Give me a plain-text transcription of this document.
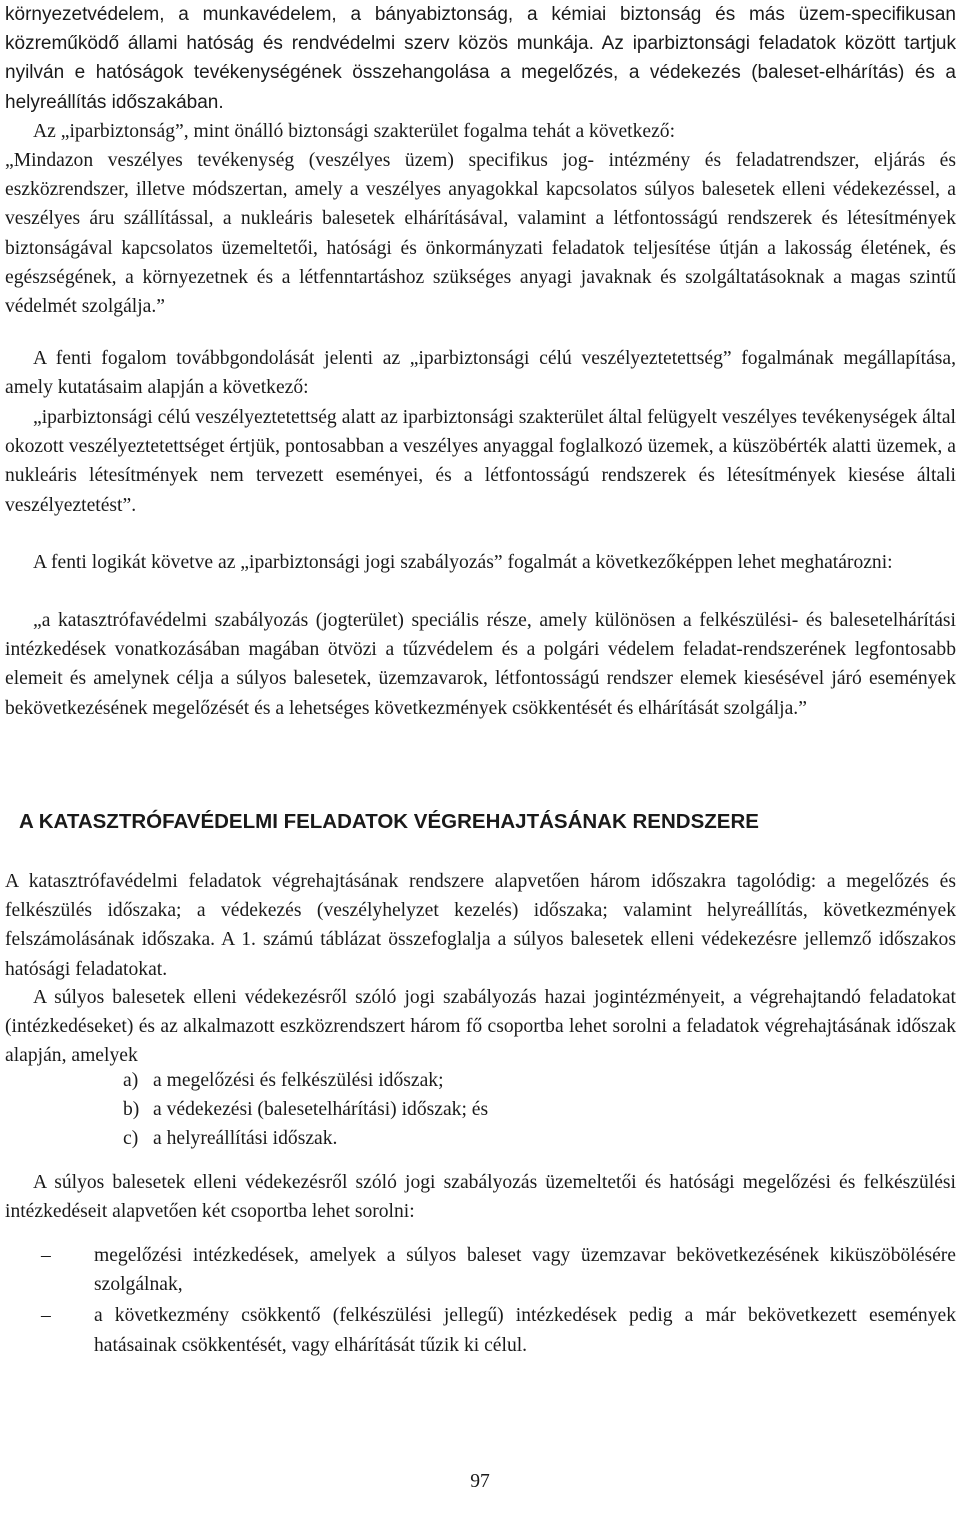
környezetvédelem, a munkavédelem, a bányabiztonság, a kémiai biztonság és más üzem-specifikusan közreműködő állami hatóság és rendvédelmi szerv közös munkája. Az iparbiztonsági feladatok között tartjuk nyilván e hatóságok tevékenységének összehangolása a megelőzés, a védekezés (baleset-elhárítás) és a helyreállítás időszakában.
Az „iparbiztonság”, mint önálló biztonsági szakterület fogalma tehát a következő:
„Mindazon veszélyes tevékenység (veszélyes üzem) specifikus jog- intézmény és feladatrendszer, eljárás és eszközrendszer, illetve módszertan, amely a veszélyes anyagokkal kapcsolatos súlyos balesetek elleni védekezéssel, a veszélyes áru szállítással, a nukleáris balesetek elhárításával, valamint a létfontosságú rendszerek és létesítmények biztonságával kapcsolatos üzemeltetői, hatósági és önkormányzati feladatok teljesítése útján a lakosság életének, és egészségének, a környezetnek és a létfenntartáshoz szükséges anyagi javaknak és szolgáltatásoknak a magas szintű védelmét szolgálja.”
A fenti fogalom továbbgondolását jelenti az „iparbiztonsági célú veszélyeztetettség” fogalmának megállapítása, amely kutatásaim alapján a következő:
„iparbiztonsági célú veszélyeztetettség alatt az iparbiztonsági szakterület által felügyelt veszélyes tevékenységek által okozott veszélyeztetettséget értjük, pontosabban a veszélyes anyaggal foglalkozó üzemek, a küszöbérték alatti üzemek, a nukleáris létesítmények nem tervezett eseményei, és a létfontosságú rendszerek és létesítmények kiesése általi veszélyeztetést”.
A fenti logikát követve az „iparbiztonsági jogi szabályozás” fogalmát a következőképpen lehet meghatározni:
„a katasztrófavédelmi szabályozás (jogterület) speciális része, amely különösen a felkészülési- és balesetelhárítási intézkedések vonatkozásában magában ötvözi a tűzvédelem és a polgári védelem feladat-rendszerének legfontosabb elemeit és amelynek célja a súlyos balesetek, üzemzavarok, létfontosságú rendszer elemek kiesésével járó események bekövetkezésének megelőzését és a lehetséges következmények csökkentését és elhárítását szolgálja.”
A KATASZTRÓFAVÉDELMI FELADATOK VÉGREHAJTÁSÁNAK RENDSZERE
A katasztrófavédelmi feladatok végrehajtásának rendszere alapvetően három időszakra tagolódig: a megelőzés és felkészülés időszaka; a védekezés (veszélyhelyzet kezelés) időszaka; valamint helyreállítás, következmények felszámolásának időszaka. A 1. számú táblázat összefoglalja a súlyos balesetek elleni védekezésre jellemző időszakos hatósági feladatokat.
A súlyos balesetek elleni védekezésről szóló jogi szabályozás hazai jogintézményeit, a végrehajtandó feladatokat (intézkedéseket) és az alkalmazott eszközrendszert három fő csoportba lehet sorolni a feladatok végrehajtásának időszak alapján, amelyek
a) a megelőzési és felkészülési időszak;
b) a védekezési (balesetelhárítási) időszak; és
c) a helyreállítási időszak.
A súlyos balesetek elleni védekezésről szóló jogi szabályozás üzemeltetői és hatósági megelőzési és felkészülési intézkedéseit alapvetően két csoportba lehet sorolni:
– megelőzési intézkedések, amelyek a súlyos baleset vagy üzemzavar bekövetkezésének kiküszöbölésére szolgálnak,
– a következmény csökkentő (felkészülési jellegű) intézkedések pedig a már bekövetkezett események hatásainak csökkentését, vagy elhárítását tűzik ki célul.
97
